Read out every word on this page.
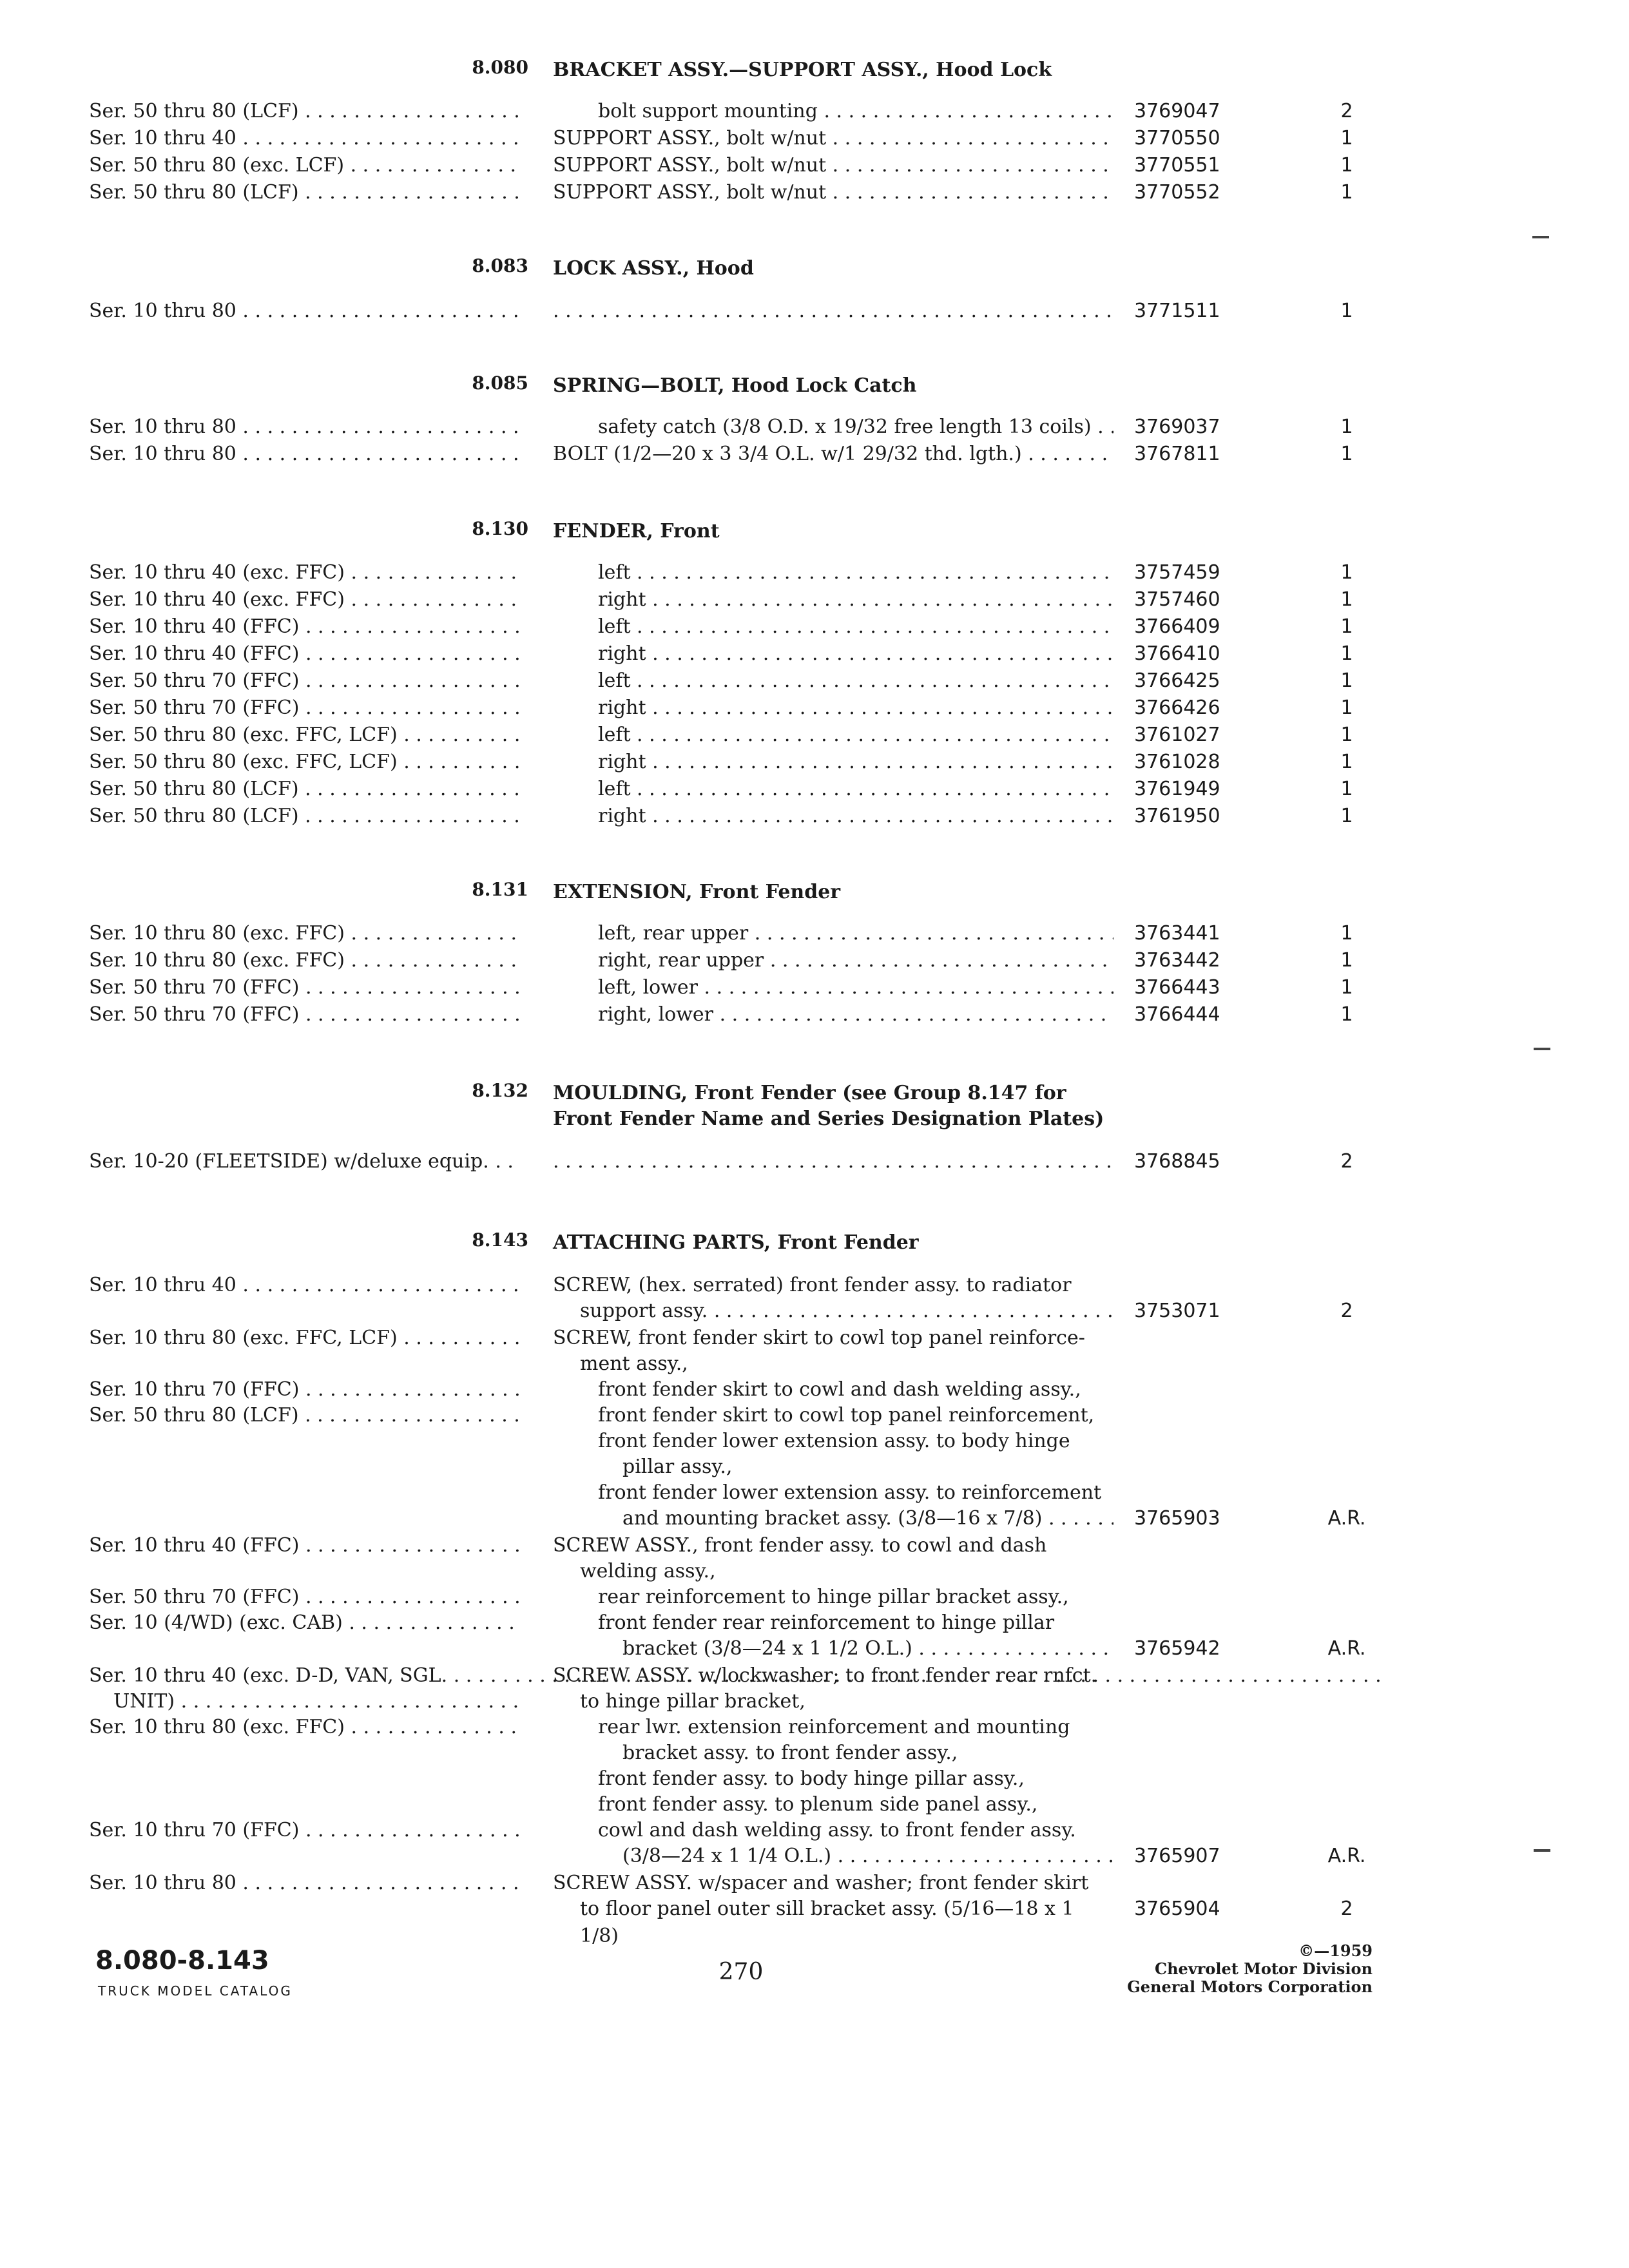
8.080 BRACKET ASSY.—SUPPORT ASSY., Hood Lock
Ser. 50 thru 80 (LCF) . . .	bolt support mounting . . .	3769047	2
Ser. 10 thru 40 . . .	SUPPORT ASSY., bolt w/nut . . .	3770550	1
Ser. 50 thru 80 (exc. LCF) . . .	SUPPORT ASSY., bolt w/nut . . .	3770551	1
Ser. 50 thru 80 (LCF) . . .	SUPPORT ASSY., bolt w/nut . . .	3770552	1
8.083 LOCK ASSY., Hood
Ser. 10 thru 80 . . . . . .	3771511	1
8.085 SPRING—BOLT, Hood Lock Catch
Ser. 10 thru 80 . . .	safety catch (3/8 O.D. x 19/32 free length 13 coils) . . .	3769037	1
Ser. 10 thru 80 . . .	BOLT (1/2—20 x 3 3/4 O.L. w/1 29/32 thd. lgth.) . . .	3767811	1
8.130 FENDER, Front
Ser. 10 thru 40 (exc. FFC) . . .	left . . .	3757459	1
Ser. 10 thru 40 (exc. FFC) . . .	right . . .	3757460	1
Ser. 10 thru 40 (FFC) . . .	left . . .	3766409	1
Ser. 10 thru 40 (FFC) . . .	right . . .	3766410	1
Ser. 50 thru 70 (FFC) . . .	left . . .	3766425	1
Ser. 50 thru 70 (FFC) . . .	right . . .	3766426	1
Ser. 50 thru 80 (exc. FFC, LCF) . . .	left . . .	3761027	1
Ser. 50 thru 80 (exc. FFC, LCF) . . .	right . . .	3761028	1
Ser. 50 thru 80 (LCF) . . .	left . . .	3761949	1
Ser. 50 thru 80 (LCF) . . .	right . . .	3761950	1
8.131 EXTENSION, Front Fender
Ser. 10 thru 80 (exc. FFC) . . .	left, rear upper . . .	3763441	1
Ser. 10 thru 80 (exc. FFC) . . .	right, rear upper . . .	3763442	1
Ser. 50 thru 70 (FFC) . . .	left, lower . . .	3766443	1
Ser. 50 thru 70 (FFC) . . .	right, lower . . .	3766444	1
8.132 MOULDING, Front Fender (see Group 8.147 for
Front Fender Name and Series Designation Plates)
Ser. 10-20 (FLEETSIDE) w/deluxe equip. . . . . . .	3768845	2
8.143 ATTACHING PARTS, Front Fender
Ser. 10 thru 40 . . .	SCREW, (hex. serrated) front fender assy. to radiator
support assy. . . .	3753071	2
Ser. 10 thru 80 (exc. FFC, LCF) . . .	SCREW, front fender skirt to cowl top panel reinforce-
ment assy.,
Ser. 10 thru 70 (FFC) . . .	front fender skirt to cowl and dash welding assy.,
Ser. 50 thru 80 (LCF) . . .	front fender skirt to cowl top panel reinforcement,
front fender lower extension assy. to body hinge
pillar assy.,
front fender lower extension assy. to reinforcement
and mounting bracket assy. (3/8—16 x 7/8) . . .	3765903	A.R.
Ser. 10 thru 40 (FFC) . . .	SCREW ASSY., front fender assy. to cowl and dash
welding assy.,
Ser. 50 thru 70 (FFC) . . .	rear reinforcement to hinge pillar bracket assy.,
Ser. 10 (4/WD) (exc. CAB) . . .	front fender rear reinforcement to hinge pillar
bracket (3/8—24 x 1 1/2 O.L.) . . .	3765942	A.R.
Ser. 10 thru 40 (exc. D-D, VAN, SGL. . . .	SCREW ASSY. w/lockwasher; to front fender rear rnfct.
UNIT) . . .	to hinge pillar bracket,
Ser. 10 thru 80 (exc. FFC) . . .	rear lwr. extension reinforcement and mounting
bracket assy. to front fender assy.,
front fender assy. to body hinge pillar assy.,
front fender assy. to plenum side panel assy.,
Ser. 10 thru 70 (FFC) . . .	cowl and dash welding assy. to front fender assy.
(3/8—24 x 1 1/4 O.L.) . . .	3765907	A.R.
Ser. 10 thru 80 . . .	SCREW ASSY. w/spacer and washer; front fender skirt
to floor panel outer sill bracket assy. (5/16—18 x 1 1/8)
3765904	2
8.080-8.143
TRUCK MODEL CATALOG
270
©—1959
Chevrolet Motor Division
General Motors Corporation
